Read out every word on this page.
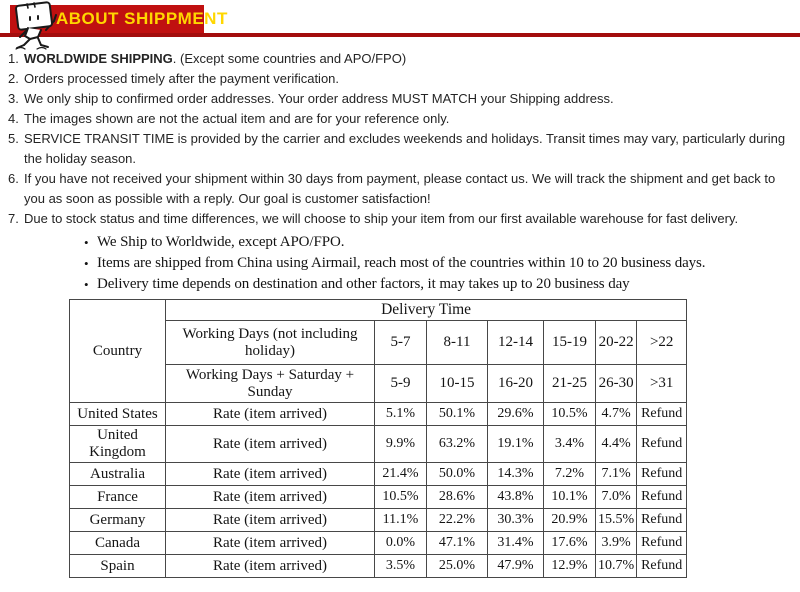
ABOUT SHIPPMENT
1. WORLDWIDE SHIPPING. (Except some countries and APO/FPO)
2. Orders processed timely after the payment verification.
3. We only ship to confirmed order addresses. Your order address MUST MATCH your Shipping address.
4. The images shown are not the actual item and are for your reference only.
5. SERVICE TRANSIT TIME is provided by the carrier and excludes weekends and holidays. Transit times may vary, particularly during the holiday season.
6. If you have not received your shipment within 30 days from payment, please contact us. We will track the shipment and get back to you as soon as possible with a reply. Our goal is customer satisfaction!
7. Due to stock status and time differences, we will choose to ship your item from our first available warehouse for fast delivery.
• We Ship to Worldwide, except APO/FPO.
• Items are shipped from China using Airmail, reach most of the countries within 10 to 20 business days.
• Delivery time depends on destination and other factors, it may takes up to 20 business day
Country	Delivery Time						
	Working Days (not including holiday)	5-7	8-11	12-14	15-19	20-22	>22
	Working Days + Saturday + Sunday	5-9	10-15	16-20	21-25	26-30	>31
United States	Rate (item arrived)	5.1%	50.1%	29.6%	10.5%	4.7%	Refund
United Kingdom	Rate (item arrived)	9.9%	63.2%	19.1%	3.4%	4.4%	Refund
Australia	Rate (item arrived)	21.4%	50.0%	14.3%	7.2%	7.1%	Refund
France	Rate (item arrived)	10.5%	28.6%	43.8%	10.1%	7.0%	Refund
Germany	Rate (item arrived)	11.1%	22.2%	30.3%	20.9%	15.5%	Refund
Canada	Rate (item arrived)	0.0%	47.1%	31.4%	17.6%	3.9%	Refund
Spain	Rate (item arrived)	3.5%	25.0%	47.9%	12.9%	10.7%	Refund
